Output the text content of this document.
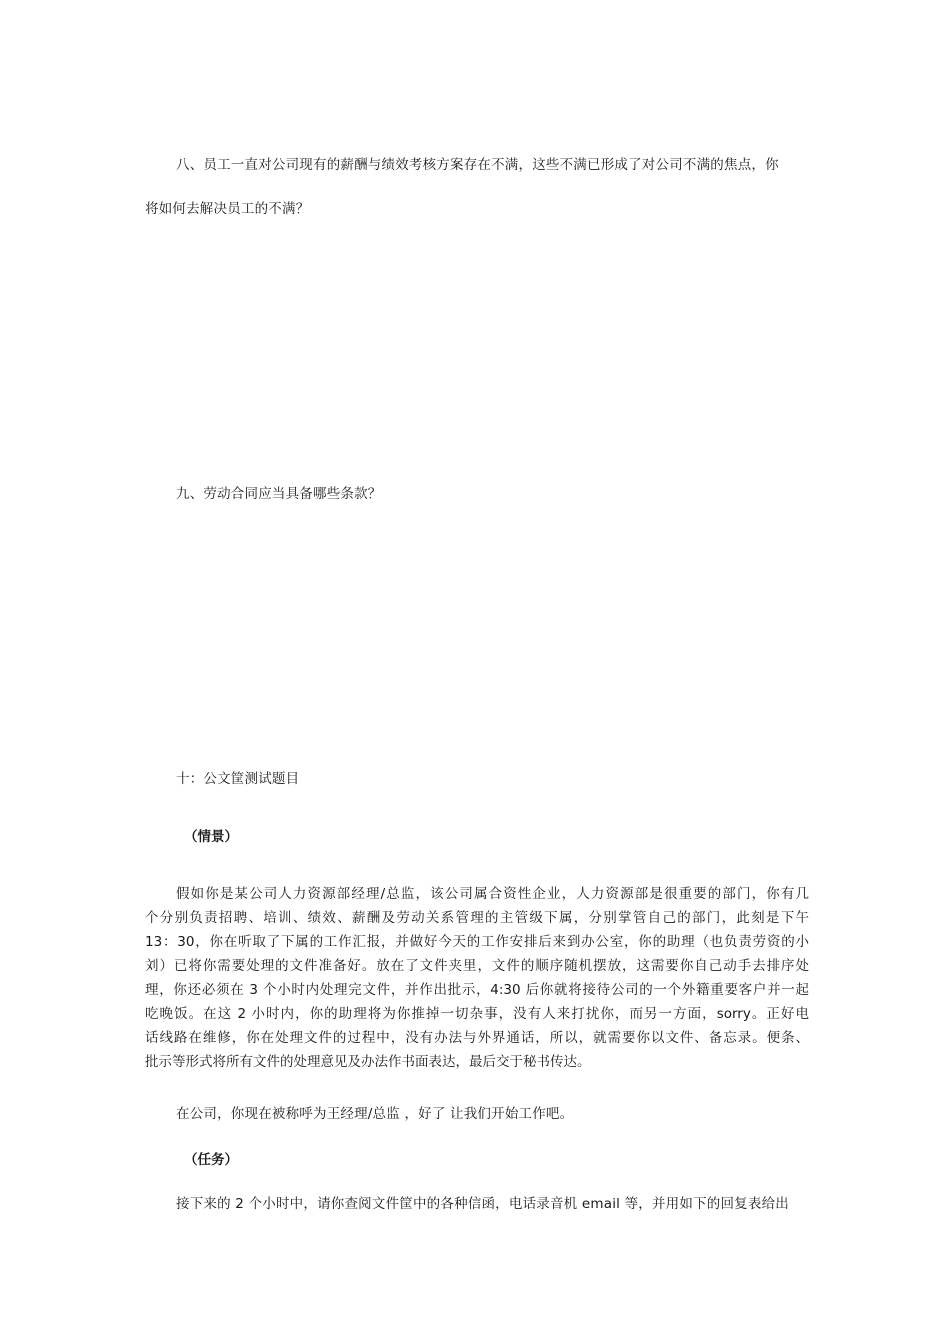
八、员工一直对公司现有的薪酬与绩效考核方案存在不满，这些不满已形成了对公司不满的焦点，你
将如何去解决员工的不满？
九、劳动合同应当具备哪些条款？
十：公文筐测试题目
（情景）
假如你是某公司人力资源部经理/总监，该公司属合资性企业，人力资源部是很重要的部门，你有几
个分别负责招聘、培训、绩效、薪酬及劳动关系管理的主管级下属，分别掌管自己的部门，此刻是下午
13：30，你在听取了下属的工作汇报，并做好今天的工作安排后来到办公室，你的助理（也负责劳资的小
刘）已将你需要处理的文件准备好。放在了文件夹里，文件的顺序随机摆放，这需要你自己动手去排序处
理，你还必须在 3 个小时内处理完文件，并作出批示，4:30 后你就将接待公司的一个外籍重要客户并一起
吃晚饭。在这 2 小时内，你的助理将为你推掉一切杂事，没有人来打扰你，而另一方面，sorry。正好电
话线路在维修，你在处理文件的过程中，没有办法与外界通话，所以，就需要你以文件、备忘录。便条、
批示等形式将所有文件的处理意见及办法作书面表达，最后交于秘书传达。
在公司，你现在被称呼为王经理/总监 ，好了 让我们开始工作吧。
（任务）
接下来的 2 个小时中，请你查阅文件筐中的各种信函，电话录音机 email 等，并用如下的回复表给出
